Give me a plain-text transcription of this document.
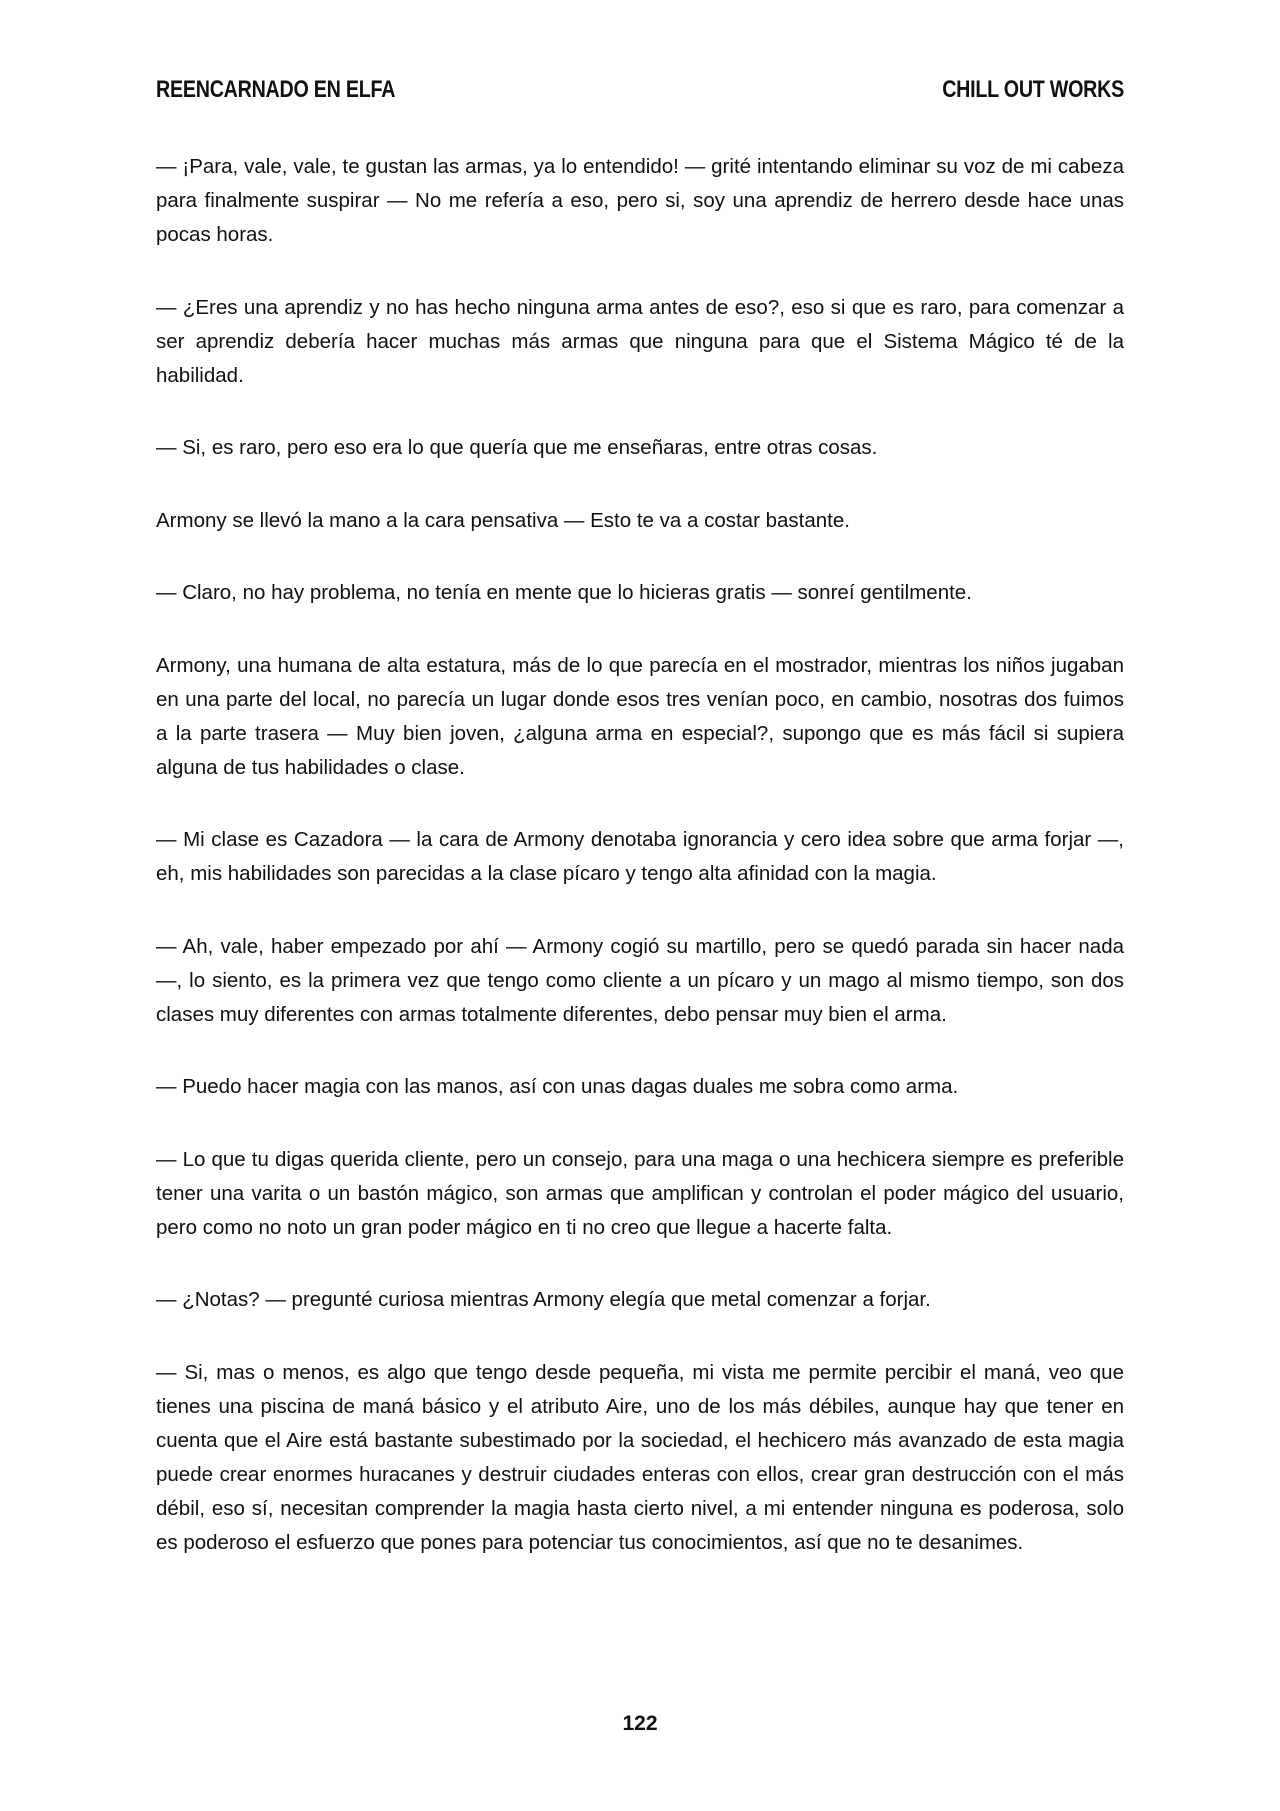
REENCARNADO EN ELFA	CHILL OUT WORKS

— ¡Para, vale, vale, te gustan las armas, ya lo entendido! — grité intentando eliminar su voz de mi cabeza para finalmente suspirar — No me refería a eso, pero si, soy una aprendiz de herrero desde hace unas pocas horas.

— ¿Eres una aprendiz y no has hecho ninguna arma antes de eso?, eso si que es raro, para comenzar a ser aprendiz debería hacer muchas más armas que ninguna para que el Sistema Mágico té de la habilidad.

— Si, es raro, pero eso era lo que quería que me enseñaras, entre otras cosas.

Armony se llevó la mano a la cara pensativa — Esto te va a costar bastante.

— Claro, no hay problema, no tenía en mente que lo hicieras gratis — sonreí gentilmente.

Armony, una humana de alta estatura, más de lo que parecía en el mostrador, mientras los niños jugaban en una parte del local, no parecía un lugar donde esos tres venían poco, en cambio, nosotras dos fuimos a la parte trasera — Muy bien joven, ¿alguna arma en especial?, supongo que es más fácil si supiera alguna de tus habilidades o clase.

— Mi clase es Cazadora — la cara de Armony denotaba ignorancia y cero idea sobre que arma forjar —, eh, mis habilidades son parecidas a la clase pícaro y tengo alta afinidad con la magia.

— Ah, vale, haber empezado por ahí — Armony cogió su martillo, pero se quedó parada sin hacer nada —, lo siento, es la primera vez que tengo como cliente a un pícaro y un mago al mismo tiempo, son dos clases muy diferentes con armas totalmente diferentes, debo pensar muy bien el arma.

— Puedo hacer magia con las manos, así con unas dagas duales me sobra como arma.

— Lo que tu digas querida cliente, pero un consejo, para una maga o una hechicera siempre es preferible tener una varita o un bastón mágico, son armas que amplifican y controlan el poder mágico del usuario, pero como no noto un gran poder mágico en ti no creo que llegue a hacerte falta.

— ¿Notas? — pregunté curiosa mientras Armony elegía que metal comenzar a forjar.

— Si, mas o menos, es algo que tengo desde pequeña, mi vista me permite percibir el maná, veo que tienes una piscina de maná básico y el atributo Aire, uno de los más débiles, aunque hay que tener en cuenta que el Aire está bastante subestimado por la sociedad, el hechicero más avanzado de esta magia puede crear enormes huracanes y destruir ciudades enteras con ellos, crear gran destrucción con el más débil, eso sí, necesitan comprender la magia hasta cierto nivel, a mi entender ninguna es poderosa, solo es poderoso el esfuerzo que pones para potenciar tus conocimientos, así que no te desanimes.

122
